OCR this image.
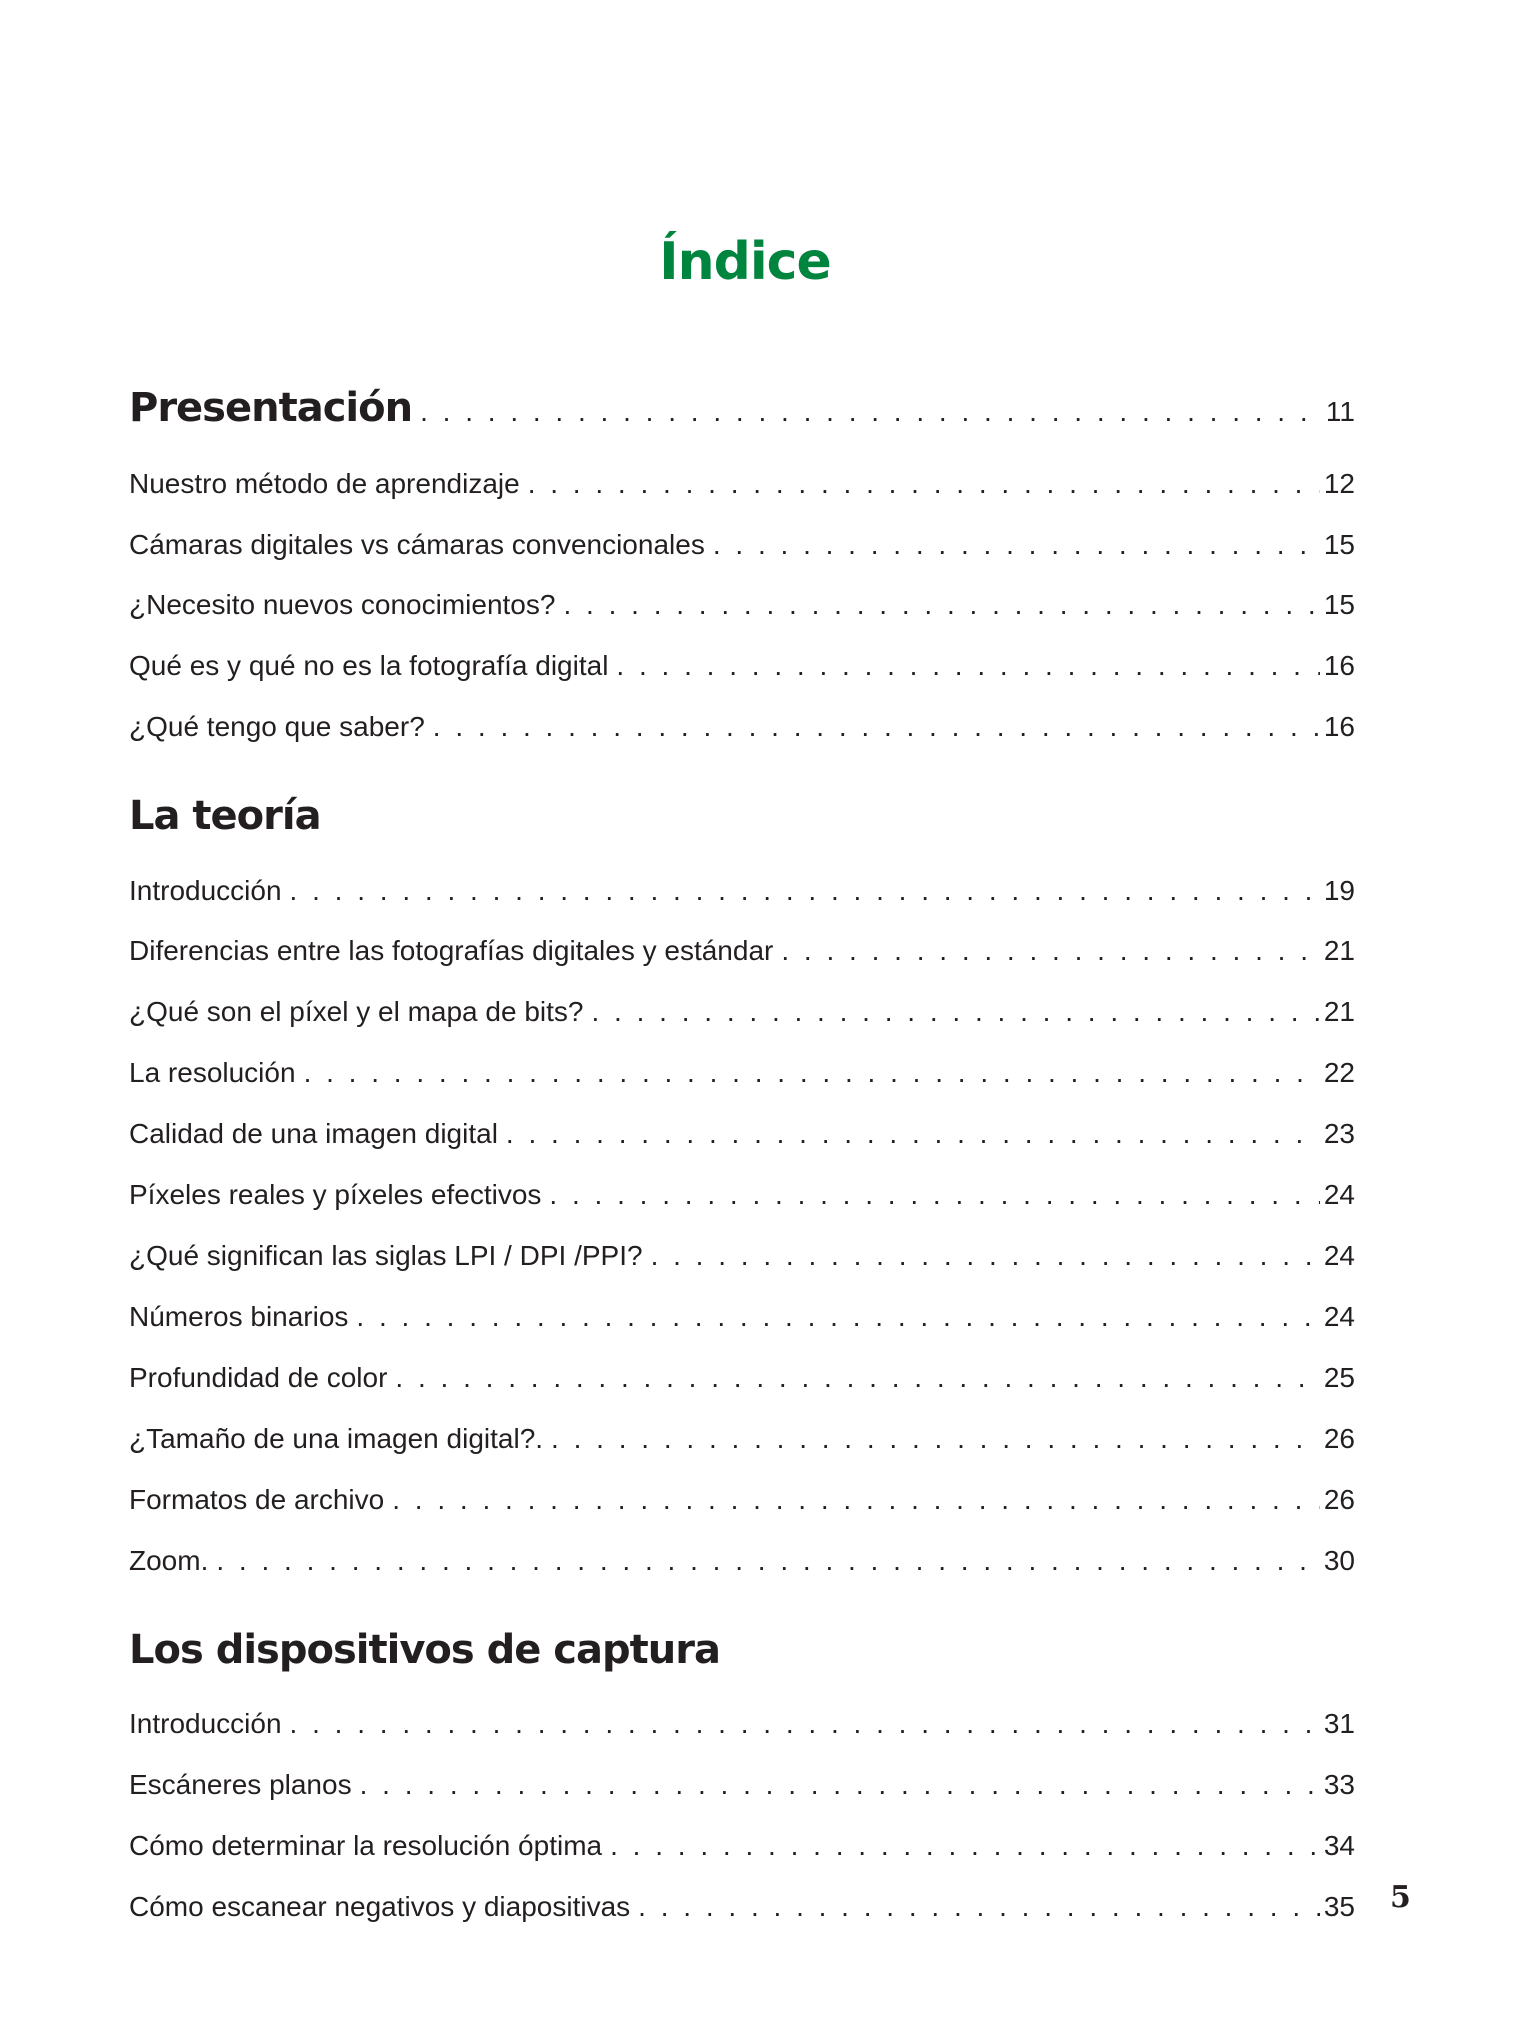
Índice
Presentación . . .	11
Nuestro método de aprendizaje . . .	12
Cámaras digitales vs cámaras convencionales . . .	15
¿Necesito nuevos conocimientos? . . .	15
Qué es y qué no es la fotografía digital . . .	16
¿Qué tengo que saber? . . .	16
La teoría
Introducción . . .	19
Diferencias entre las fotografías digitales y estándar . . .	21
¿Qué son el píxel y el mapa de bits? . . .	21
La resolución . . .	22
Calidad de una imagen digital . . .	23
Píxeles reales y píxeles efectivos . . .	24
¿Qué significan las siglas LPI / DPI /PPI? . . .	24
Números binarios . . .	24
Profundidad de color . . .	25
¿Tamaño de una imagen digital?. . . .	26
Formatos de archivo . . .	26
Zoom. . . .	30
Los dispositivos de captura
Introducción . . .	31
Escáneres planos . . .	33
Cómo determinar la resolución óptima . . .	34
Cómo escanear negativos y diapositivas . . .	35 5
